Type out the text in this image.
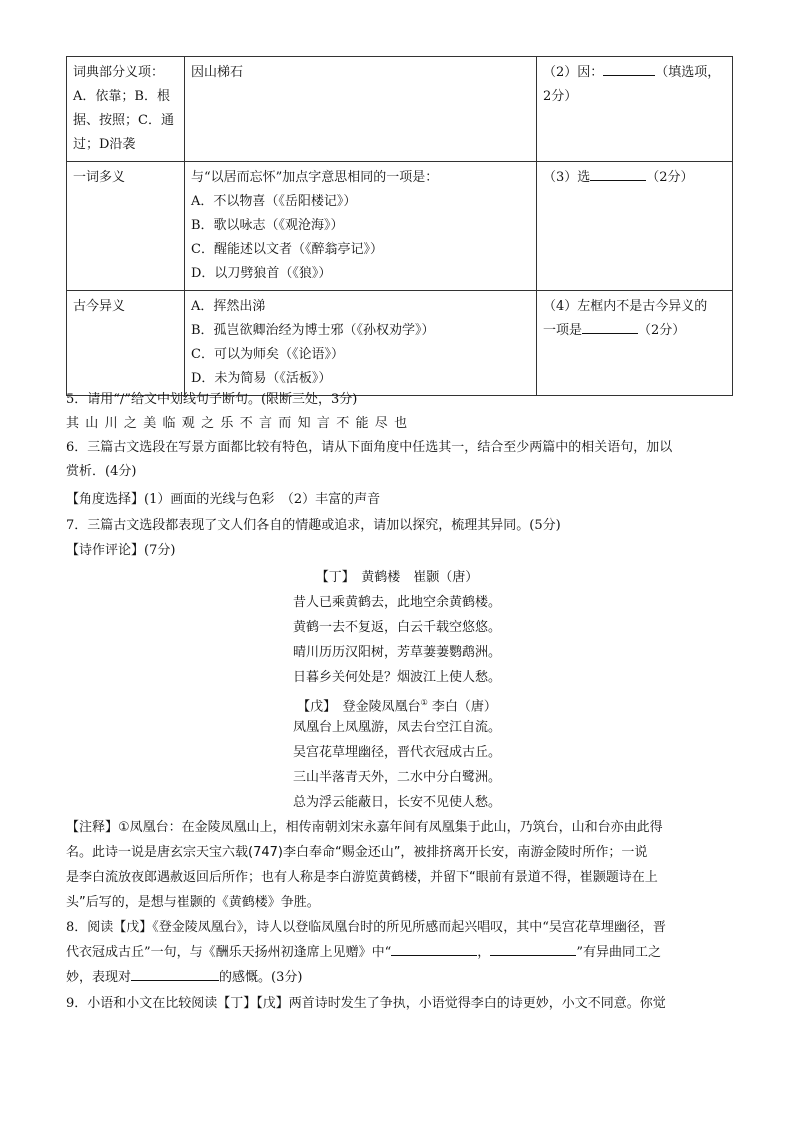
词典部分义项：
A．依靠；B．根
据、按照；C．通
过；D沿袭	因山梯石	（2）因： （填选项，
2分）

一词多义	与“以居而忘怀”加点字意思相同的一项是：
A．不以物喜（《岳阳楼记》）
B．歌以咏志（《观沧海》）
C．醒能述以文者（《醉翁亭记》）
D．以刀劈狼首（《狼》）	（3）选 （2分）

古今异义	A．挥然出涕
B．孤岂欲卿治经为博士邪（《孙权劝学》）
C．可以为师矣（《论语》）
D．未为简易（《活板》）	（4）左框内不是古今异义的
一项是 （2分）
5．请用“/”给文中划线句子断句。(限断三处，3分)
其山川之美临观之乐不言而知言不能尽也
6．三篇古文选段在写景方面都比较有特色，请从下面角度中任选其一，结合至少两篇中的相关语句，加以
赏析．(4分)
【角度选择】(1）画面的光线与色彩　（2）丰富的声音
7．三篇古文选段都表现了文人们各自的情趣或追求，请加以探究，梳理其异同。(5分)
【诗作评论】(7分)
【丁】　黄鹤楼　崔颢（唐）
昔人已乘黄鹤去，此地空余黄鹤楼。
黄鹤一去不复返，白云千载空悠悠。
晴川历历汉阳树，芳草萋萋鹦鹉洲。
日暮乡关何处是？烟波江上使人愁。
【戊】　登金陵凤凰台① 李白（唐）
凤凰台上凤凰游，凤去台空江自流。
吴宫花草埋幽径，晋代衣冠成古丘。
三山半落青天外，二水中分白鹭洲。
总为浮云能蔽日，长安不见使人愁。
【注释】①凤凰台：在金陵凤凰山上，相传南朝刘宋永嘉年间有凤凰集于此山，乃筑台，山和台亦由此得
名。此诗一说是唐玄宗天宝六载(747)李白奉命“赐金还山”，被排挤离开长安，南游金陵时所作；一说
是李白流放夜郎遇赦返回后所作；也有人称是李白游览黄鹤楼，并留下“眼前有景道不得，崔颢题诗在上
头”后写的，是想与崔颢的《黄鹤楼》争胜。
8．阅读【戊】《登金陵凤凰台》，诗人以登临凤凰台时的所见所感而起兴唱叹，其中“吴宫花草埋幽径，晋
代衣冠成古丘”一句，与《酬乐天扬州初逢席上见赠》中“	，	”有异曲同工之
妙，表现对	的感慨。(3分)
9．小语和小文在比较阅读【丁】【戊】两首诗时发生了争执，小语觉得李白的诗更妙，小文不同意。你觉
